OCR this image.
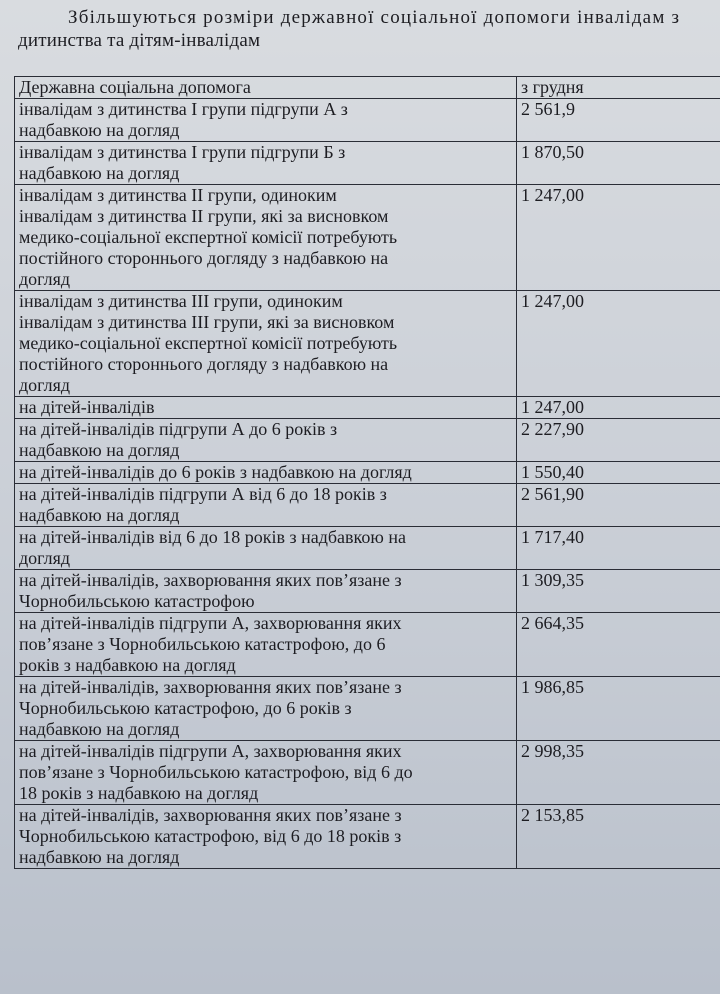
Збільшуються розміри державної соціальної допомоги інвалідам з
дитинства та дітям-інвалідам
Державна соціальна допомога	з грудня

інвалідам з дитинства І групи підгрупи А з
надбавкою на догляд	2 561,9

інвалідам з дитинства І групи підгрупи Б з
надбавкою на догляд	1 870,50

інвалідам з дитинства ІІ групи, одиноким
інвалідам з дитинства ІІ групи, які за висновком
медико-соціальної експертної комісії потребують
постійного стороннього догляду з надбавкою на
догляд	1 247,00

інвалідам з дитинства ІІІ групи, одиноким
інвалідам з дитинства ІІІ групи, які за висновком
медико-соціальної експертної комісії потребують
постійного стороннього догляду з надбавкою на
догляд	1 247,00

на дітей-інвалідів	1 247,00

на дітей-інвалідів підгрупи А до 6 років з
надбавкою на догляд	2 227,90

на дітей-інвалідів до 6 років з надбавкою на догляд	1 550,40

на дітей-інвалідів підгрупи А від 6 до 18 років з
надбавкою на догляд	2 561,90

на дітей-інвалідів від 6 до 18 років з надбавкою на
догляд	1 717,40

на дітей-інвалідів, захворювання яких пов’язане з
Чорнобильською катастрофою	1 309,35

на дітей-інвалідів підгрупи А, захворювання яких
пов’язане з Чорнобильською катастрофою, до 6
років з надбавкою на догляд	2 664,35

на дітей-інвалідів, захворювання яких пов’язане з
Чорнобильською катастрофою, до 6 років з
надбавкою на догляд	1 986,85

на дітей-інвалідів підгрупи А, захворювання яких
пов’язане з Чорнобильською катастрофою, від 6 до
18 років з надбавкою на догляд	2 998,35

на дітей-інвалідів, захворювання яких пов’язане з
Чорнобильською катастрофою, від 6 до 18 років з
надбавкою на догляд	2 153,85
